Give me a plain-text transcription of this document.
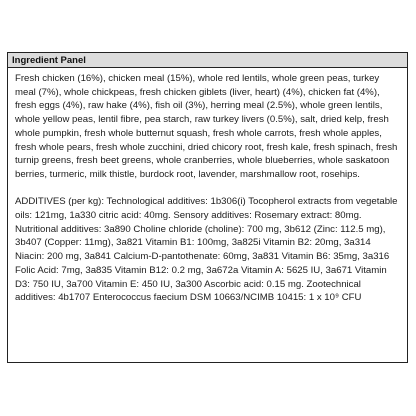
Ingredient Panel

Fresh chicken (16%), chicken meal (15%), whole red lentils, whole green peas, turkey meal (7%), whole chickpeas, fresh chicken giblets (liver, heart) (4%), chicken fat (4%), fresh eggs (4%), raw hake (4%), fish oil (3%), herring meal (2.5%), whole green lentils, whole yellow peas, lentil fibre, pea starch, raw turkey livers (0.5%), salt, dried kelp, fresh whole pumpkin, fresh whole butternut squash, fresh whole carrots, fresh whole apples, fresh whole pears, fresh whole zucchini, dried chicory root, fresh kale, fresh spinach, fresh turnip greens, fresh beet greens, whole cranberries, whole blueberries, whole saskatoon berries, turmeric, milk thistle, burdock root, lavender, marshmallow root, rosehips.

ADDITIVES (per kg): Technological additives: 1b306(i) Tocopherol extracts from vegetable oils: 121mg, 1a330 citric acid: 40mg. Sensory additives: Rosemary extract: 80mg. Nutritional additives: 3a890 Choline chloride (choline): 700 mg, 3b612 (Zinc: 112.5 mg), 3b407 (Copper: 11mg), 3a821 Vitamin B1: 100mg, 3a825i Vitamin B2: 20mg, 3a314 Niacin: 200 mg, 3a841 Calcium-D-pantothenate: 60mg, 3a831 Vitamin B6: 35mg, 3a316 Folic Acid: 7mg, 3a835 Vitamin B12: 0.2 mg, 3a672a Vitamin A: 5625 IU, 3a671 Vitamin D3: 750 IU, 3a700 Vitamin E: 450 IU, 3a300 Ascorbic acid: 0.15 mg. Zootechnical additives: 4b1707 Enterococcus faecium DSM 10663/NCIMB 10415: 1 x 10⁹ CFU
